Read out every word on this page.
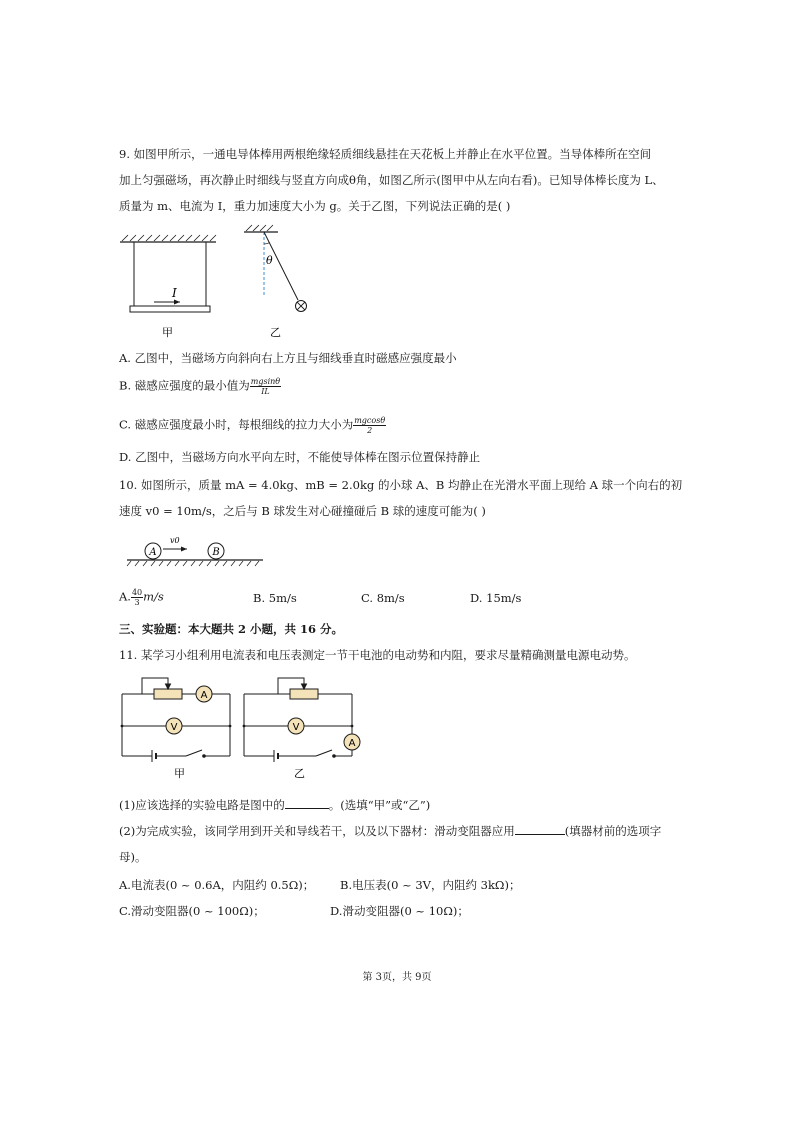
9. 如图甲所示，一通电导体棒用两根绝缘轻质细线悬挂在天花板上并静止在水平位置。当导体棒所在空间
加上匀强磁场，再次静止时细线与竖直方向成θ角，如图乙所示(图甲中从左向右看)。已知导体棒长度为 L、
质量为 m、电流为 I，重力加速度大小为 g。关于乙图，下列说法正确的是( )
I
甲
θ
乙
A. 乙图中，当磁场方向斜向右上方且与细线垂直时磁感应强度最小
B. 磁感应强度的最小值为 $\frac{mgsin\theta}{IL}$
C. 磁感应强度最小时，每根细线的拉力大小为 $\frac{mgcos\theta}{2}$
D. 乙图中，当磁场方向水平向左时，不能使导体棒在图示位置保持静止
10. 如图所示，质量 mA = 4.0kg、mB = 2.0kg 的小球 A、B 均静止在光滑水平面上现给 A 球一个向右的初
速度 v0 = 10m/s，之后与 B 球发生对心碰撞碰后 B 球的速度可能为( )
A	B
v0
A. $\frac{40}{3} m/s$	B. 5m/s	C. 8m/s	D. 15m/s
三、实验题：本大题共 2 小题，共 16 分。
11. 某学习小组利用电流表和电压表测定一节干电池的电动势和内阻，要求尽量精确测量电源电动势。
A
V
甲
A
V
乙
(1)应该选择的实验电路是图中的	。(选填“甲”或“乙”)
(2)为完成实验，该同学用到开关和导线若干，以及以下器材：滑动变阻器应用	(填器材前的选项字
母)。
A.电流表(0 ~ 0.6A，内阻约 0.5Ω)； B.电压表(0 ~ 3V，内阻约 3kΩ)；
C.滑动变阻器(0 ~ 100Ω)；	D.滑动变阻器(0 ~ 10Ω)；
第 3页，共 9页
